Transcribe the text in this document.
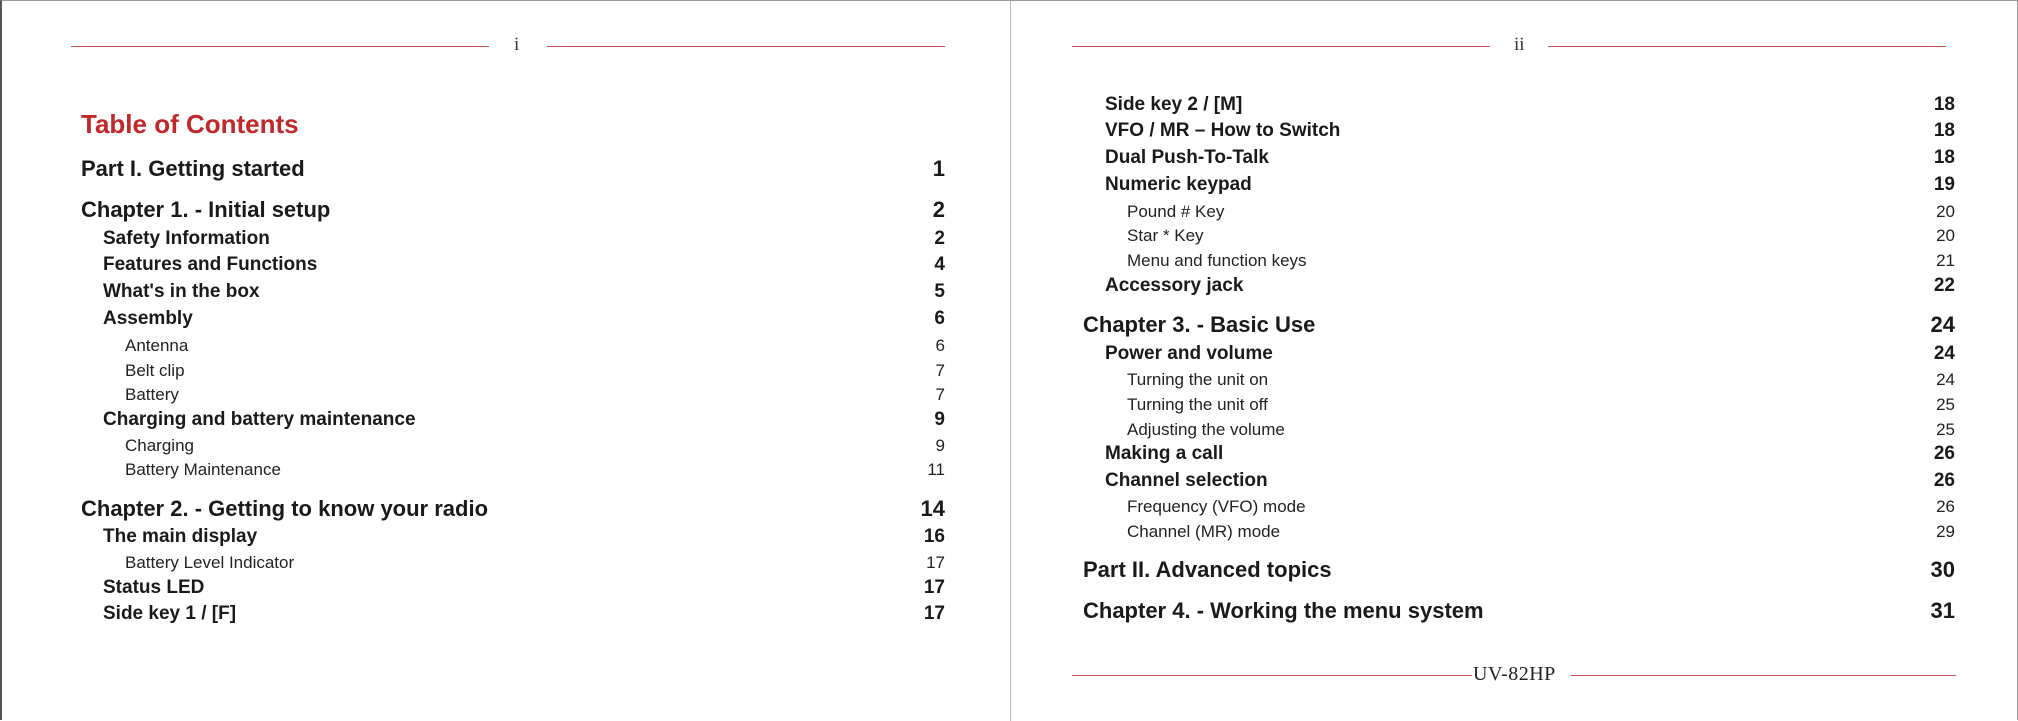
i
Table of Contents
Part I. Getting started	1
Chapter 1. - Initial setup	2
Safety Information	2
Features and Functions	4
What's in the box	5
Assembly	6
Antenna	6
Belt clip	7
Battery	7
Charging and battery maintenance	9
Charging	9
Battery Maintenance	11
Chapter 2. - Getting to know your radio	14
The main display	16
Battery Level Indicator	17
Status LED	17
Side key 1 / [F]	17
ii
Side key 2 / [M]	18
VFO / MR – How to Switch	18
Dual Push-To-Talk	18
Numeric keypad	19
Pound # Key	20
Star * Key	20
Menu and function keys	21
Accessory jack	22
Chapter 3. - Basic Use	24
Power and volume	24
Turning the unit on	24
Turning the unit off	25
Adjusting the volume	25
Making a call	26
Channel selection	26
Frequency (VFO) mode	26
Channel (MR) mode	29
Part II. Advanced topics	30
Chapter 4. - Working the menu system	31
UV-82HP
